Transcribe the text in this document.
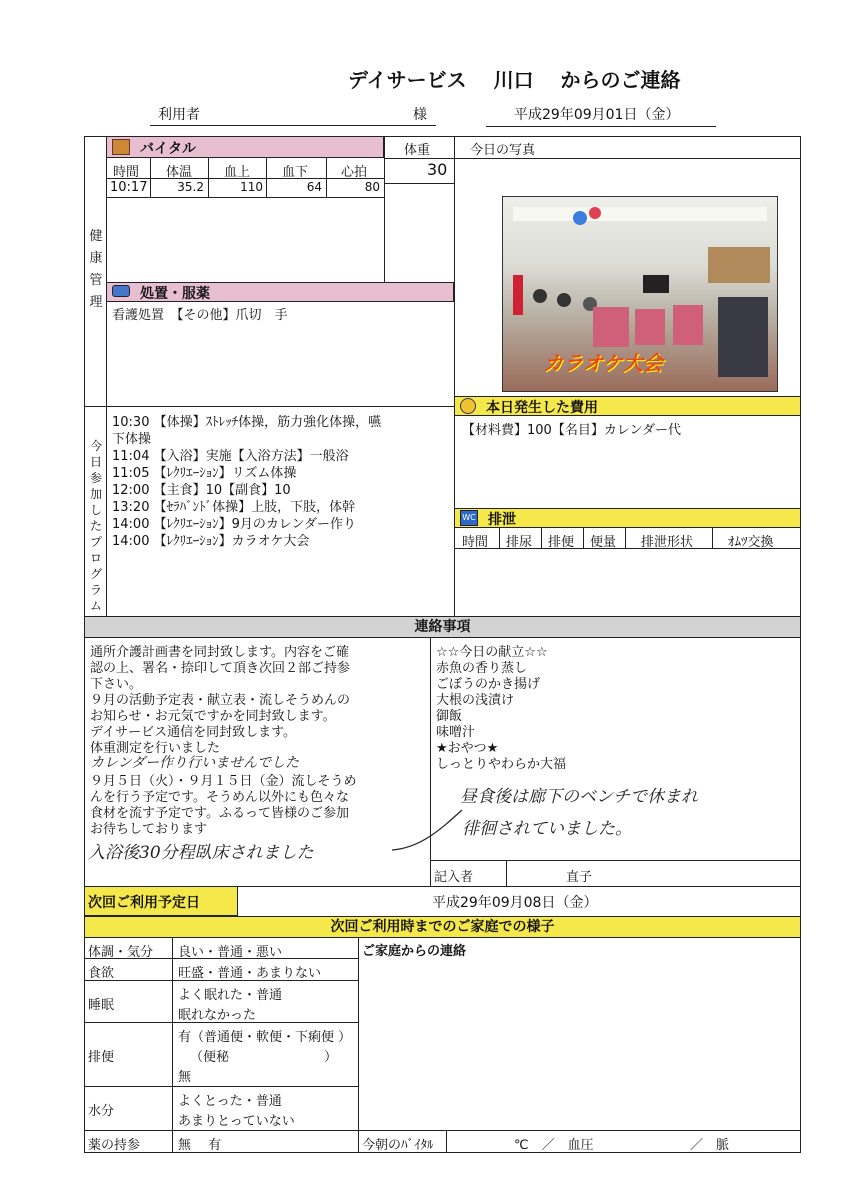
デイサービス　 川口　 からのご連絡
利用者	様	平成29年09月01日（金）
健
康
管
理
バイタル
時間 体温 血上 血下	心拍
10:17	35.2	110	64	80
体重
30
処置・服薬
看護処置　【その他】爪切　手
今日の写真
カラオケ大会
本日発生した費用
【材料費】100【名目】カレンダー代
今
日
参
加
し
た
プ
ロ
グ
ラ
ム
10:30 【体操】ｽﾄﾚｯﾁ体操，筋力強化体操，嚥
下体操
11:04 【入浴】実施【入浴方法】一般浴
11:05 【ﾚｸﾘｴｰｼｮﾝ】リズム体操
12:00 【主食】10【副食】10
13:20 【ｾﾗﾊﾞﾝﾄﾞ体操】上肢，下肢，体幹
14:00 【ﾚｸﾘｴｰｼｮﾝ】9月のカレンダー作り
14:00 【ﾚｸﾘｴｰｼｮﾝ】カラオケ大会
WC 排泄
時間 排尿 排便 便量 排泄形状	ｵﾑﾂ交換
連絡事項
通所介護計画書を同封致します。内容をご確
認の上、署名・捺印して頂き次回２部ご持参
下さい。
９月の活動予定表・献立表・流しそうめんの
お知らせ・お元気ですかを同封致します。
デイサービス通信を同封致します。
体重測定を行いました
カレンダー作り行いませんでした
９月５日（火）・９月１５日（金）流しそうめ
んを行う予定です。そうめん以外にも色々な
食材を流す予定です。ふるって皆様のご参加
お待ちしております
入浴後30分程臥床されました
☆☆今日の献立☆☆
赤魚の香り蒸し
ごぼうのかき揚げ
大根の浅漬け
御飯
味噌汁
★おやつ★
しっとりやわらか大福
昼食後は廊下のベンチで休まれ
徘徊されていました。
記入者	直子
次回ご利用予定日	平成29年09月08日（金）
次回ご利用時までのご家庭での様子
体調・気分 良い・普通・悪い
食欲	旺盛・普通・あまりない
睡眠
よく眠れた・普通
眠れなかった
排便
有（普通便・軟便・下痢便 ）
（便秘　　　　　　　 ）
無
水分
よくとった・普通
あまりとっていない
薬の持参	無　 有
ご家庭からの連絡
今朝のﾊﾞｲﾀﾙ	℃　／　血圧	／　脈
